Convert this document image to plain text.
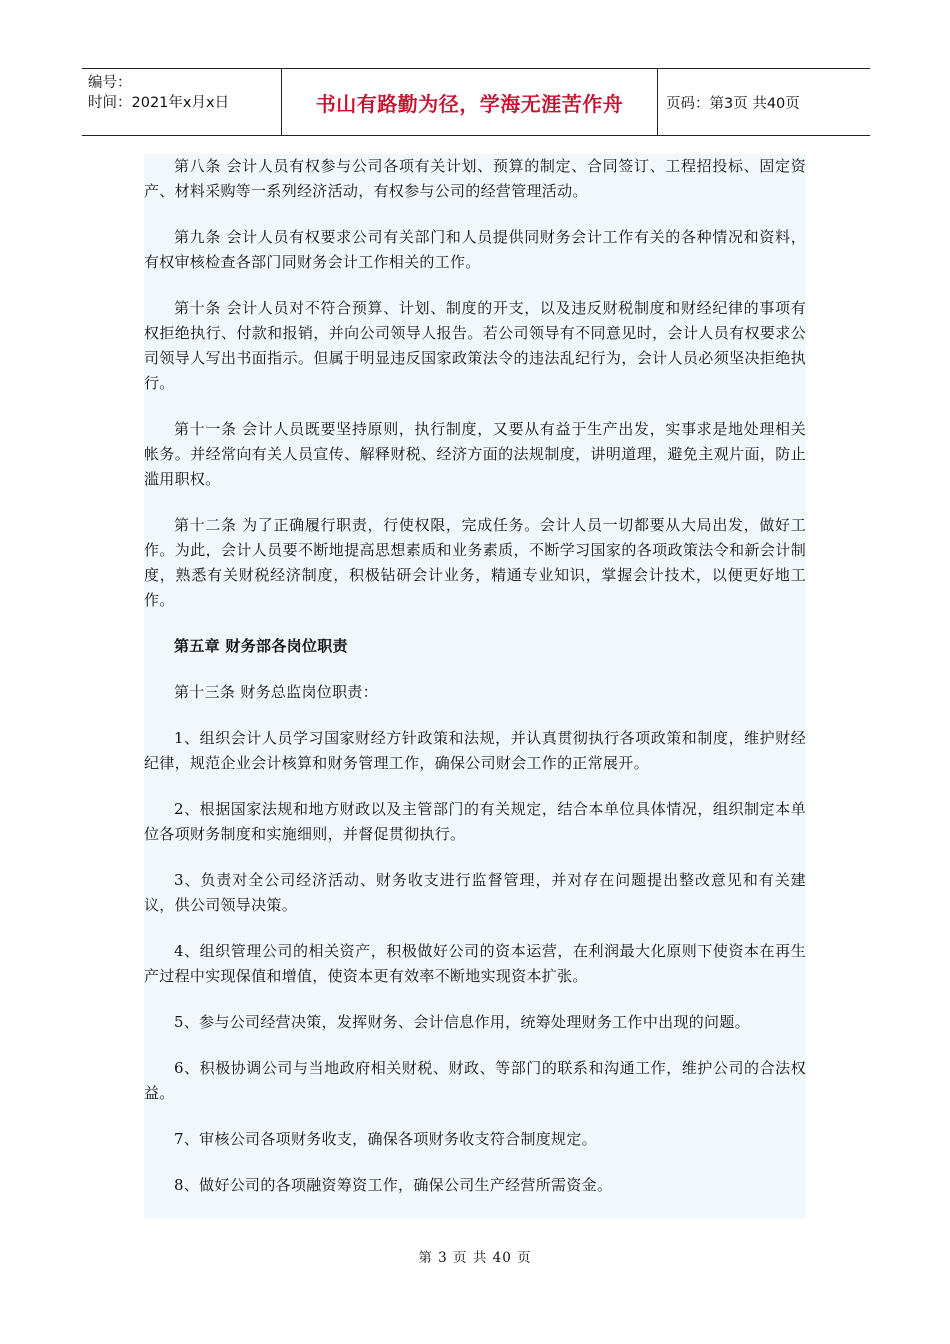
编号：
时间：2021年x月x日	书山有路勤为径，学海无涯苦作舟	页码：第3页 共40页

第八条 会计人员有权参与公司各项有关计划、预算的制定、合同签订、工程招投标、固定资产、材料采购等一系列经济活动，有权参与公司的经营管理活动。

第九条 会计人员有权要求公司有关部门和人员提供同财务会计工作有关的各种情况和资料，有权审核检查各部门同财务会计工作相关的工作。

第十条 会计人员对不符合预算、计划、制度的开支，以及违反财税制度和财经纪律的事项有权拒绝执行、付款和报销，并向公司领导人报告。若公司领导有不同意见时，会计人员有权要求公司领导人写出书面指示。但属于明显违反国家政策法令的违法乱纪行为，会计人员必须坚决拒绝执行。

第十一条 会计人员既要坚持原则，执行制度，又要从有益于生产出发，实事求是地处理相关帐务。并经常向有关人员宣传、解释财税、经济方面的法规制度，讲明道理，避免主观片面，防止滥用职权。

第十二条 为了正确履行职责，行使权限，完成任务。会计人员一切都要从大局出发，做好工作。为此，会计人员要不断地提高思想素质和业务素质，不断学习国家的各项政策法令和新会计制度，熟悉有关财税经济制度，积极钻研会计业务，精通专业知识，掌握会计技术，以便更好地工作。

第五章 财务部各岗位职责

第十三条 财务总监岗位职责：

1、组织会计人员学习国家财经方针政策和法规，并认真贯彻执行各项政策和制度，维护财经纪律，规范企业会计核算和财务管理工作，确保公司财会工作的正常展开。

2、根据国家法规和地方财政以及主管部门的有关规定，结合本单位具体情况，组织制定本单位各项财务制度和实施细则，并督促贯彻执行。

3、负责对全公司经济活动、财务收支进行监督管理，并对存在问题提出整改意见和有关建议，供公司领导决策。

4、组织管理公司的相关资产，积极做好公司的资本运营，在利润最大化原则下使资本在再生产过程中实现保值和增值，使资本更有效率不断地实现资本扩张。

5、参与公司经营决策，发挥财务、会计信息作用，统筹处理财务工作中出现的问题。

6、积极协调公司与当地政府相关财税、财政、等部门的联系和沟通工作，维护公司的合法权益。

7、审核公司各项财务收支，确保各项财务收支符合制度规定。

8、做好公司的各项融资筹资工作，确保公司生产经营所需资金。

第 3 页 共 40 页
